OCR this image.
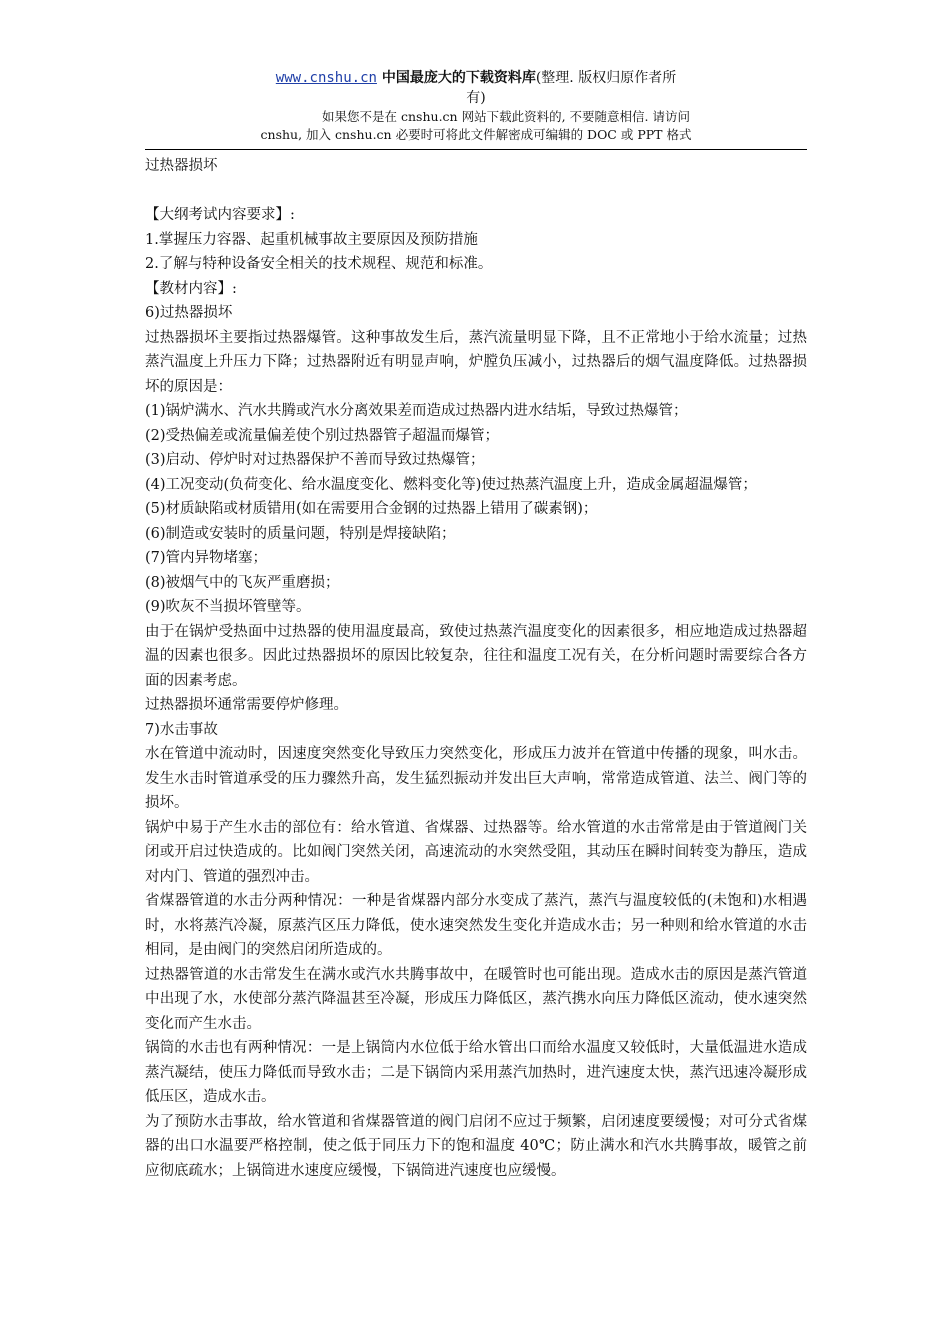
www.cnshu.cn 中国最庞大的下载资料库(整理. 版权归原作者所
有)
如果您不是在 cnshu.cn 网站下载此资料的, 不要随意相信. 请访问
cnshu, 加入 cnshu.cn 必要时可将此文件解密成可编辑的 DOC 或 PPT 格式

过热器损坏

【大纲考试内容要求】:

1.掌握压力容器、起重机械事故主要原因及预防措施

2.了解与特种设备安全相关的技术规程、规范和标准。

【教材内容】:

6)过热器损坏

过热器损坏主要指过热器爆管。这种事故发生后，蒸汽流量明显下降，且不正常地小于给水流量；过热蒸汽温度上升压力下降；过热器附近有明显声响，炉膛负压减小，过热器后的烟气温度降低。过热器损坏的原因是：

(1)锅炉满水、汽水共腾或汽水分离效果差而造成过热器内进水结垢，导致过热爆管；

(2)受热偏差或流量偏差使个别过热器管子超温而爆管；

(3)启动、停炉时对过热器保护不善而导致过热爆管；

(4)工况变动(负荷变化、给水温度变化、燃料变化等)使过热蒸汽温度上升，造成金属超温爆管；

(5)材质缺陷或材质错用(如在需要用合金钢的过热器上错用了碳素钢)；

(6)制造或安装时的质量问题，特别是焊接缺陷；

(7)管内异物堵塞；

(8)被烟气中的飞灰严重磨损；

(9)吹灰不当损坏管壁等。

由于在锅炉受热面中过热器的使用温度最高，致使过热蒸汽温度变化的因素很多，相应地造成过热器超温的因素也很多。因此过热器损坏的原因比较复杂，往往和温度工况有关，在分析问题时需要综合各方面的因素考虑。

过热器损坏通常需要停炉修理。

7)水击事故

水在管道中流动时，因速度突然变化导致压力突然变化，形成压力波并在管道中传播的现象，叫水击。发生水击时管道承受的压力骤然升高，发生猛烈振动并发出巨大声响，常常造成管道、法兰、阀门等的损坏。

锅炉中易于产生水击的部位有：给水管道、省煤器、过热器等。给水管道的水击常常是由于管道阀门关闭或开启过快造成的。比如阀门突然关闭，高速流动的水突然受阻，其动压在瞬时间转变为静压，造成对内门、管道的强烈冲击。

省煤器管道的水击分两种情况：一种是省煤器内部分水变成了蒸汽，蒸汽与温度较低的(未饱和)水相遇时，水将蒸汽冷凝，原蒸汽区压力降低，使水速突然发生变化并造成水击；另一种则和给水管道的水击相同，是由阀门的突然启闭所造成的。

过热器管道的水击常发生在满水或汽水共腾事故中，在暖管时也可能出现。造成水击的原因是蒸汽管道中出现了水，水使部分蒸汽降温甚至冷凝，形成压力降低区，蒸汽携水向压力降低区流动，使水速突然变化而产生水击。

锅筒的水击也有两种情况：一是上锅筒内水位低于给水管出口而给水温度又较低时，大量低温进水造成蒸汽凝结，使压力降低而导致水击；二是下锅筒内采用蒸汽加热时，进汽速度太快，蒸汽迅速冷凝形成低压区，造成水击。

为了预防水击事故，给水管道和省煤器管道的阀门启闭不应过于频繁，启闭速度要缓慢；对可分式省煤器的出口水温要严格控制，使之低于同压力下的饱和温度 40℃；防止满水和汽水共腾事故，暖管之前应彻底疏水；上锅筒进水速度应缓慢，下锅筒进汽速度也应缓慢。
